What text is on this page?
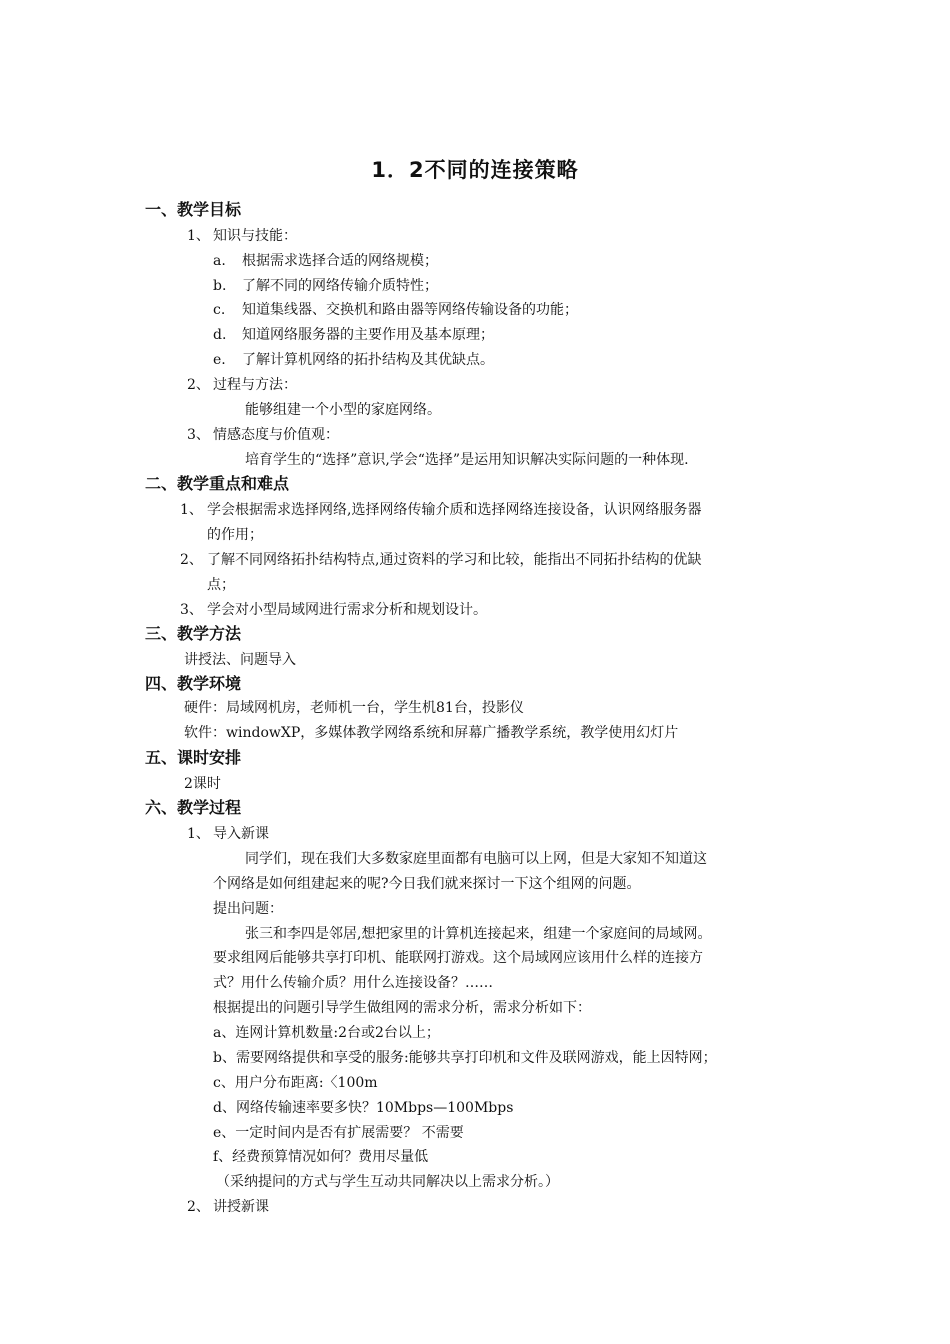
1．2不同的连接策略
一、教学目标
1、 知识与技能：
a. 根据需求选择合适的网络规模；
b. 了解不同的网络传输介质特性；
c. 知道集线器、交换机和路由器等网络传输设备的功能；
d. 知道网络服务器的主要作用及基本原理；
e. 了解计算机网络的拓扑结构及其优缺点。
2、 过程与方法：
能够组建一个小型的家庭网络。
3、 情感态度与价值观：
培育学生的“选择”意识,学会“选择”是运用知识解决实际问题的一种体现.
二、教学重点和难点
1、 学会根据需求选择网络,选择网络传输介质和选择网络连接设备，认识网络服务器
的作用；
2、 了解不同网络拓扑结构特点,通过资料的学习和比较，能指出不同拓扑结构的优缺
点；
3、 学会对小型局域网进行需求分析和规划设计。
三、教学方法
讲授法、问题导入
四、教学环境
硬件：局域网机房，老师机一台，学生机81台，投影仪
软件：windowXP，多媒体教学网络系统和屏幕广播教学系统，教学使用幻灯片
五、课时安排
2课时
六、教学过程
1、 导入新课
同学们，现在我们大多数家庭里面都有电脑可以上网，但是大家知不知道这
个网络是如何组建起来的呢?今日我们就来探讨一下这个组网的问题。
提出问题：
张三和李四是邻居,想把家里的计算机连接起来，组建一个家庭间的局域网。
要求组网后能够共享打印机、能联网打游戏。这个局域网应该用什么样的连接方
式？用什么传输介质？用什么连接设备？……
根据提出的问题引导学生做组网的需求分析，需求分析如下：
a、连网计算机数量:2台或2台以上；
b、需要网络提供和享受的服务:能够共享打印机和文件及联网游戏，能上因特网；
c、用户分布距离:〈100m
d、网络传输速率要多快？10Mbps—100Mbps
e、一定时间内是否有扩展需要？ 不需要
f、经费预算情况如何？费用尽量低
（采纳提问的方式与学生互动共同解决以上需求分析。）
2、 讲授新课
